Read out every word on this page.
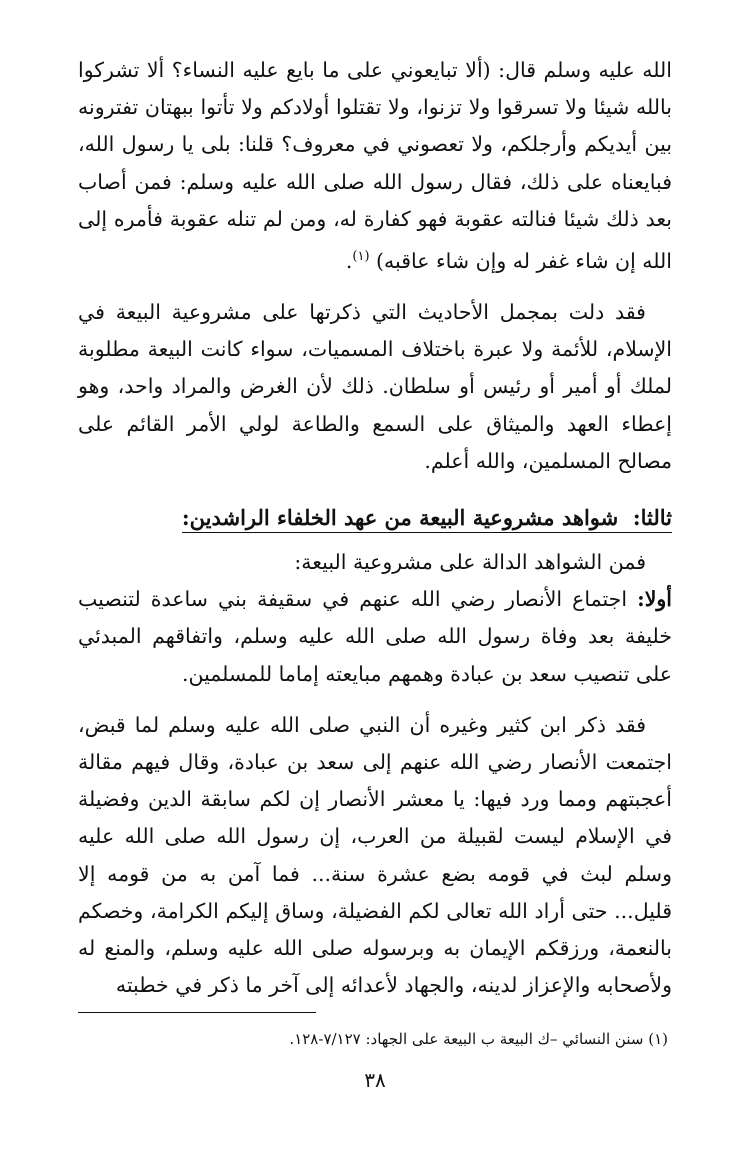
الله عليه وسلم قال: (ألا تبايعوني على ما بايع عليه النساء؟ ألا تشركوا بالله شيئا ولا تسرقوا ولا تزنوا، ولا تقتلوا أولادكم ولا تأتوا ببهتان تفترونه بين أيديكم وأرجلكم، ولا تعصوني في معروف؟ قلنا: بلى يا رسول الله، فبايعناه على ذلك، فقال رسول الله صلى الله عليه وسلم: فمن أصاب بعد ذلك شيئا فنالته عقوبة فهو كفارة له، ومن لم تنله عقوبة فأمره إلى الله إن شاء غفر له وإن شاء عاقبه) $^{(١)}$.

فقد دلت بمجمل الأحاديث التي ذكرتها على مشروعية البيعة في الإسلام، للأئمة ولا عبرة باختلاف المسميات، سواء كانت البيعة مطلوبة لملك أو أمير أو رئيس أو سلطان. ذلك لأن الغرض والمراد واحد، وهو إعطاء العهد والميثاق على السمع والطاعة لولي الأمر القائم على مصالح المسلمين، والله أعلم.

ثالثا:  شواهد مشروعية البيعة من عهد الخلفاء الراشدين:

فمن الشواهد الدالة على مشروعية البيعة:

أولا: اجتماع الأنصار رضي الله عنهم في سقيفة بني ساعدة لتنصيب خليفة بعد وفاة رسول الله صلى الله عليه وسلم، واتفاقهم المبدئي على تنصيب سعد بن عبادة وهمهم مبايعته إماما للمسلمين.

فقد ذكر ابن كثير وغيره أن النبي صلى الله عليه وسلم لما قبض، اجتمعت الأنصار رضي الله عنهم إلى سعد بن عبادة، وقال فيهم مقالة أعجبتهم ومما ورد فيها: يا معشر الأنصار إن لكم سابقة الدين وفضيلة في الإسلام ليست لقبيلة من العرب، إن رسول الله صلى الله عليه وسلم لبث في قومه بضع عشرة سنة... فما آمن به من قومه إلا قليل... حتى أراد الله تعالى لكم الفضيلة، وساق إليكم الكرامة، وخصكم بالنعمة، ورزقكم الإيمان به وبرسوله صلى الله عليه وسلم، والمنع له ولأصحابه والإعزاز لدينه، والجهاد لأعدائه إلى آخر ما ذكر في خطبته

(١) سنن النسائي –ك البيعة ب البيعة على الجهاد: ٧/١٢٧-١٢٨.
٣٨
